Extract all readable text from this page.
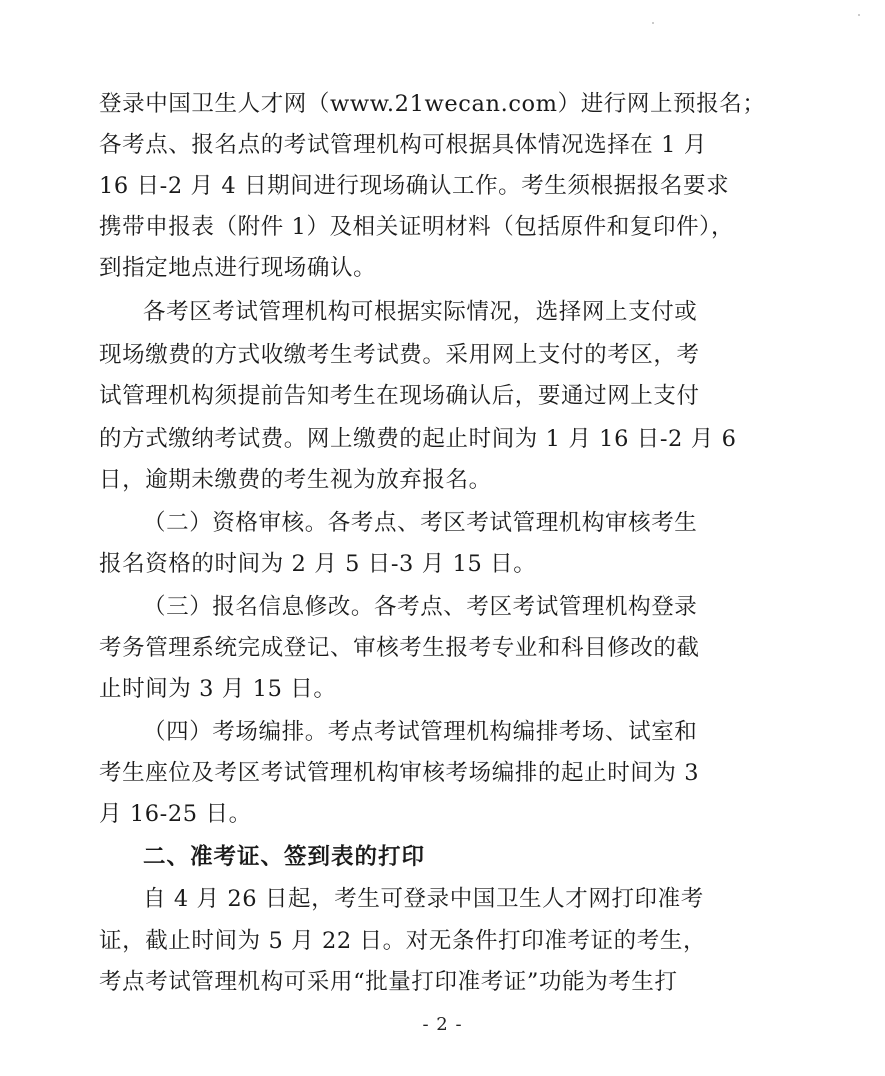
登录中国卫生人才网（www.21wecan.com）进行网上预报名；
各考点、报名点的考试管理机构可根据具体情况选择在 1 月
16 日-2 月 4 日期间进行现场确认工作。考生须根据报名要求
携带申报表（附件 1）及相关证明材料（包括原件和复印件），
到指定地点进行现场确认。
各考区考试管理机构可根据实际情况，选择网上支付或
现场缴费的方式收缴考生考试费。采用网上支付的考区，考
试管理机构须提前告知考生在现场确认后，要通过网上支付
的方式缴纳考试费。网上缴费的起止时间为 1 月 16 日-2 月 6
日，逾期未缴费的考生视为放弃报名。
（二）资格审核。各考点、考区考试管理机构审核考生
报名资格的时间为 2 月 5 日-3 月 15 日。
（三）报名信息修改。各考点、考区考试管理机构登录
考务管理系统完成登记、审核考生报考专业和科目修改的截
止时间为 3 月 15 日。
（四）考场编排。考点考试管理机构编排考场、试室和
考生座位及考区考试管理机构审核考场编排的起止时间为 3
月 16-25 日。
二、准考证、签到表的打印
自 4 月 26 日起，考生可登录中国卫生人才网打印准考
证，截止时间为 5 月 22 日。对无条件打印准考证的考生，
考点考试管理机构可采用“批量打印准考证”功能为考生打
- 2 -
